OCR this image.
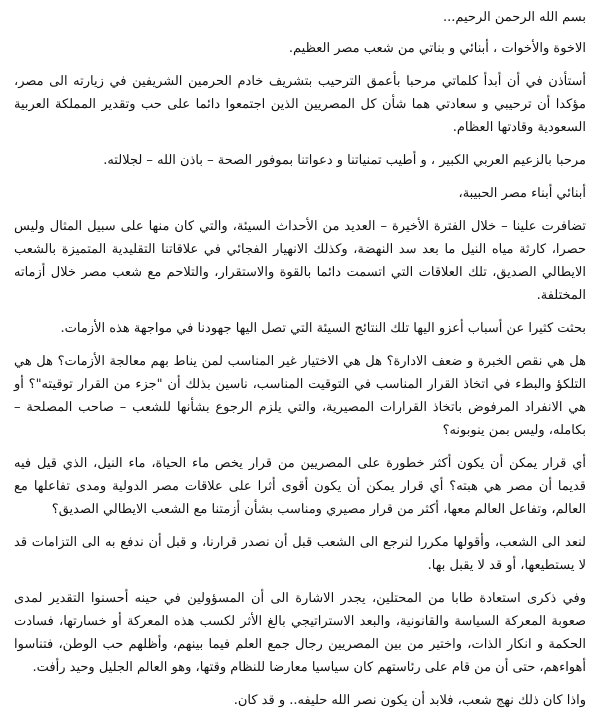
بسم الله الرحمن الرحيم...

الاخوة والأخوات ، أبنائي و بناتي من شعب مصر العظيم.

أستأذن في أن أبدأ كلماتي مرحبا بأعمق الترحيب بتشريف خادم الحرمين الشريفين في زيارته الى مصر، مؤكدا أن ترحيبي و سعادتي هما شأن كل المصريين الذين اجتمعوا دائما على حب وتقدير المملكة العربية السعودية وقادتها العظام.

مرحبا بالزعيم العربي الكبير ، و أطيب تمنياتنا و دعواتنا بموفور الصحة – باذن الله – لجلالته.

أبنائي أبناء مصر الحبيبة،

تضافرت علينا – خلال الفترة الأخيرة – العديد من الأحداث السيئة، والتي كان منها على سبيل المثال وليس حصرا، كارثة مياه النيل ما بعد سد النهضة، وكذلك الانهيار الفجائي في علاقاتنا التقليدية المتميزة بالشعب الايطالي الصديق، تلك العلاقات التي اتسمت دائما بالقوة والاستقرار، والتلاحم مع شعب مصر خلال أزماته المختلفة.

بحثت كثيرا عن أسباب أعزو اليها تلك النتائج السيئة التي تصل اليها جهودنا في مواجهة هذه الأزمات.

هل هي نقص الخبرة و ضعف الادارة؟ هل هي الاختيار غير المناسب لمن يناط بهم معالجة الأزمات؟ هل هي التلكؤ والبطء في اتخاذ القرار المناسب في التوقيت المناسب، ناسين بذلك أن "جزء من القرار توقيته"؟ أو هي الانفراد المرفوض باتخاذ القرارات المصيرية، والتي يلزم الرجوع بشأنها للشعب – صاحب المصلحة – بكامله، وليس بمن ينوبونه؟

أي قرار يمكن أن يكون أكثر خطورة على المصريين من قرار يخص ماء الحياة، ماء النيل، الذي قيل فيه قديما أن مصر هي هبته؟ أي قرار يمكن أن يكون أقوى أثرا على علاقات مصر الدولية ومدى تفاعلها مع العالم، وتفاعل العالم معها، أكثر من قرار مصيري ومناسب بشأن أزمتنا مع الشعب الايطالي الصديق؟

لنعد الى الشعب، وأقولها مكررا لنرجع الى الشعب قبل أن نصدر قرارنا، و قبل أن ندفع به الى التزامات قد لا يستطيعها، أو قد لا يقبل بها.

وفي ذكرى استعادة طابا من المحتلين، يجدر الاشارة الى أن المسؤولين في حينه أحسنوا التقدير لمدى صعوبة المعركة السياسة والقانونية، والبعد الاستراتيجي بالغ الأثر لكسب هذه المعركة أو خسارتها، فسادت الحكمة و انكار الذات، واختير من بين المصريين رجال جمع العلم فيما بينهم، وأظلهم حب الوطن، فتناسوا أهواءهم، حتى أن من قام على رئاستهم كان سياسيا معارضا للنظام وقتها، وهو العالم الجليل وحيد رأفت.

واذا كان ذلك نهج شعب، فلابد أن يكون نصر الله حليفه.. و قد كان.
